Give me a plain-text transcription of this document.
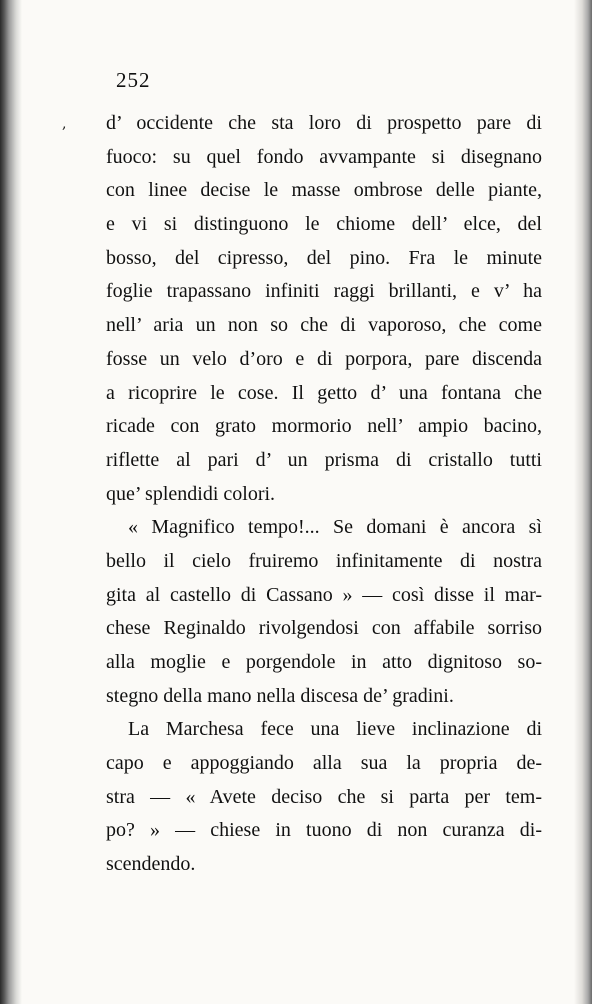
252
, d’ occidente che sta loro di prospetto pare di
fuoco: su quel fondo avvampante si disegnano
con linee decise le masse ombrose delle piante,
e vi si distinguono le chiome dell’ elce, del
bosso, del cipresso, del pino. Fra le minute
foglie trapassano infiniti raggi brillanti, e v’ ha
nell’ aria un non so che di vaporoso, che come
fosse un velo d’oro e di porpora, pare discenda
a ricoprire le cose. Il getto d’ una fontana che
ricade con grato mormorio nell’ ampio bacino,
riflette al pari d’ un prisma di cristallo tutti
que’ splendidi colori.
« Magnifico tempo!... Se domani è ancora sì
bello il cielo fruiremo infinitamente di nostra
gita al castello di Cassano » — così disse il mar-
chese Reginaldo rivolgendosi con affabile sorriso
alla moglie e porgendole in atto dignitoso so-
stegno della mano nella discesa de’ gradini.
La Marchesa fece una lieve inclinazione di
capo e appoggiando alla sua la propria de-
stra — « Avete deciso che si parta per tem-
po? » — chiese in tuono di non curanza di-
scendendo.
